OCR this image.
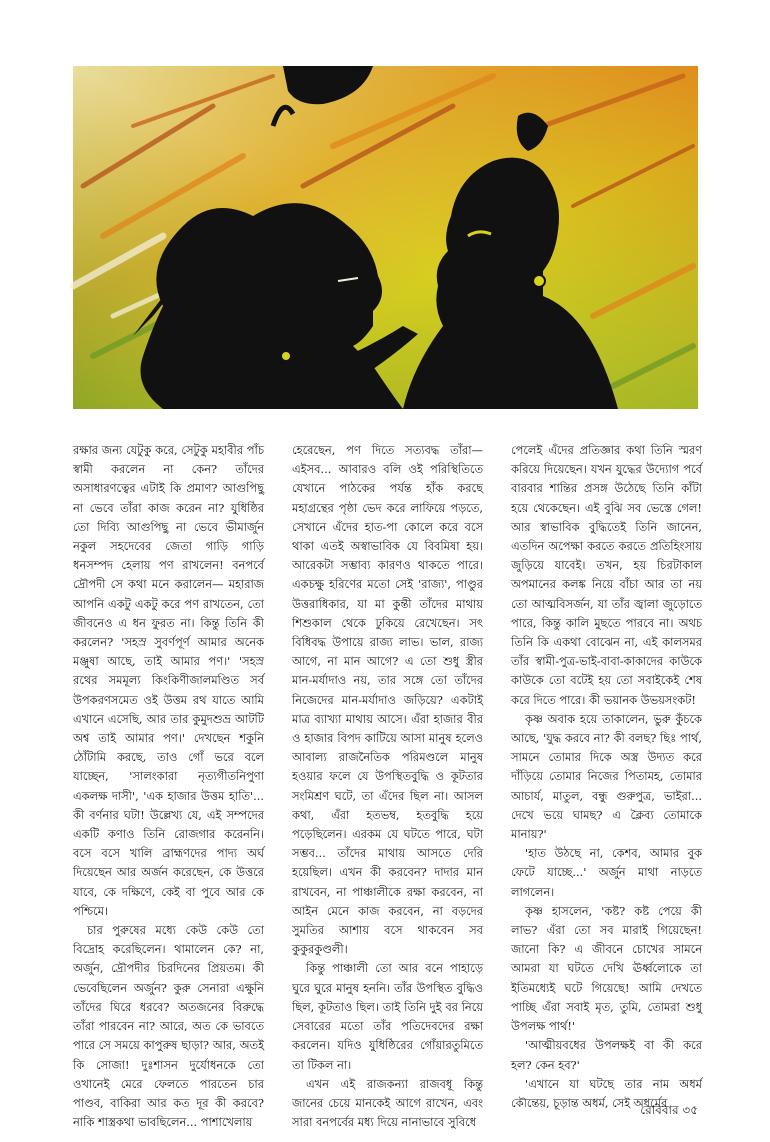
রক্ষার জন্য যেটুকু করে, সেটুকু মহাবীর পাঁচ স্বামী করলেন না কেন? তাঁদের অসাধারণত্বের এটাই কি প্রমাণ? আগুপিছু না ভেবে তাঁরা কাজ করেন না? যুধিষ্ঠির তো দিব্যি আগুপিছু না ভেবে ভীমার্জুন নকুল সহদেবের জেতা গাড়ি গাড়ি ধনসম্পদ হেলায় পণ রাখলেন! বনপর্বে দ্রৌপদী সে কথা মনে করালেন— মহারাজ আপনি একটু একটু করে পণ রাখতেন, তো জীবনেও এ ধন ফুরত না। কিন্তু তিনি কী করলেন? 'সহস্র সুবর্ণপূর্ণ আমার অনেক মঞ্জুষা আছে, তাই আমার পণ।' 'সহস্র রথের সমমূল্য কিংকিণীজালমণ্ডিত সর্ব উপকরণসমেত ওই উত্তম রথ যাতে আমি এখানে এসেছি, আর তার কুমুদশুভ্র আটটি অশ্ব তাই আমার পণ।' দেখছেন শকুনি ঠোঁটামি করছে, তাও গোঁ ভরে বলে যাচ্ছেন, 'সালংকারা নৃত্যগীতনিপুণা একলক্ষ দাসী', 'এক হাজার উত্তম হাতি'... কী বর্ণনার ঘটা! উল্লেখ্য যে, এই সম্পদের একটি কণাও তিনি রোজগার করেননি। বসে বসে খালি ব্রাহ্মণদের পাদ্য অর্ঘ দিয়েছেন আর অর্জন করেছেন, কে উত্তরে যাবে, কে দক্ষিণে, কেই বা পুবে আর কে পশ্চিমে।

চার পুরুষের মধ্যে কেউ কেউ তো বিদ্রোহ করেছিলেন। থামালেন কে? না, অর্জুন, দ্রৌপদীর চিরদিনের প্রিয়তম। কী ভেবেছিলেন অর্জুন? কুরু সেনারা এক্ষুনি তাঁদের ঘিরে ধরবে? অতজনের বিরুদ্ধে তাঁরা পারবেন না? আরে, অত কে ভাবতে পারে সে সময়ে কাপুরুষ ছাড়া? আর, অতই কি সোজা! দুঃশাসন দুর্যোধনকে তো ওখানেই মেরে ফেলতে পারতেন চার পাণ্ডব, বাকিরা আর কত দূর কী করবে? নাকি শাস্ত্রকথা ভাবছিলেন... পাশাখেলায়

হেরেছেন, পণ দিতে সত্যবদ্ধ তাঁরা— এইসব... আবারও বলি ওই পরিস্থিতিতে যেখানে পাঠকের পর্যন্ত হাঁক করছে মহাগ্রন্থের পৃষ্ঠা ভেদ করে লাফিয়ে পড়তে, সেখানে এঁদের হাত-পা কোলে করে বসে থাকা এতই অস্বাভাবিক যে বিবমিষা হয়। আরেকটা সম্ভাব্য কারণও থাকতে পারে। একচক্ষু হরিণের মতো সেই 'রাজ্য', পাণ্ডুর উত্তরাধিকার, যা মা কুন্তী তাঁদের মাথায় শিশুকাল থেকে ঢুকিয়ে রেখেছেন। সৎ বিধিবদ্ধ উপায়ে রাজ্য লাভ। ভাল, রাজ্য আগে, না মান আগে? এ তো শুধু স্ত্রীর মান-মর্যাদাও নয়, তার সঙ্গে তো তাঁদের নিজেদের মান-মর্যাদাও জড়িয়ে? একটাই মাত্র ব্যাখ্যা মাথায় আসে। এঁরা হাজার বীর ও হাজার বিপদ কাটিয়ে আসা মানুষ হলেও আবাল্য রাজনৈতিক পরিমণ্ডলে মানুষ হওয়ার ফলে যে উপস্থিতবুদ্ধি ও কূটতার সংমিশ্রণ ঘটে, তা এঁদের ছিল না। আসল কথা, এঁরা হতভম্ব, হতবুদ্ধি হয়ে পড়েছিলেন। এরকম যে ঘটতে পারে, ঘটা সম্ভব... তাঁদের মাথায় আসতে দেরি হয়েছিল। এখন কী করবেন? দাদার মান রাখবেন, না পাঞ্চালীকে রক্ষা করবেন, না আইন মেনে কাজ করবেন, না বড়দের সুমতির আশায় বসে থাকবেন সব কুকুরকুণ্ডলী।

কিন্তু পাঞ্চালী তো আর বনে পাহাড়ে ঘুরে ঘুরে মানুষ হননি। তাঁর উপস্থিত বুদ্ধিও ছিল, কূটতাও ছিল। তাই তিনি দুই বর নিয়ে সেবারের মতো তাঁর পতিদেবদের রক্ষা করলেন। যদিও যুধিষ্ঠিরের গোঁয়ারতুমিতে তা টিকল না।

এখন এই রাজকন্যা রাজবধূ কিন্তু জানের চেয়ে মানকেই আগে রাখেন, এবং সারা বনপর্বের মধ্য দিয়ে নানাভাবে সুবিধে

পেলেই এঁদের প্রতিজ্ঞার কথা তিনি স্মরণ করিয়ে দিয়েছেন। যখন যুদ্ধের উদ্যোগ পর্বে বারবার শান্তির প্রসঙ্গ উঠেছে তিনি কাঁটা হয়ে থেকেছেন। এই বুঝি সব ভেস্তে গেল! আর স্বাভাবিক বুদ্ধিতেই তিনি জানেন, এতদিন অপেক্ষা করতে করতে প্রতিহিংসায় জুড়িয়ে যাবেই। তখন, হয় চিরটাকাল অপমানের কলঙ্ক নিয়ে বাঁচা আর তা নয় তো আত্মবিসর্জন, যা তাঁর জ্বালা জুড়োতে পারে, কিন্তু কালি মুছতে পারবে না। অথচ তিনি কি একথা বোঝেন না, এই কালসমর তাঁর স্বামী-পুত্র-ভাই-বাবা-কাকাদের কাউকে কাউকে তো বটেই হয় তো সবাইকেই শেষ করে দিতে পারে। কী ভয়ানক উভয়সংকট!

কৃষ্ণ অবাক হয়ে তাকালেন, ভুরু কুঁচকে আছে, 'যুদ্ধ করবে না? কী বলছ? ছিঃ পার্থ, সামনে তোমার দিকে অস্ত্র উদ্যত করে দাঁড়িয়ে তোমার নিজের পিতামহ, তোমার আচার্য, মাতুল, বন্ধু গুরুপুত্র, ভাইরা... দেখে ভয়ে ঘামছ? এ ক্লৈব্য তোমাকে মানায়?'

'হাত উঠছে না, কেশব, আমার বুক ফেটে যাচ্ছে...' অর্জুন মাথা নাড়তে লাগলেন।

কৃষ্ণ হাসলেন, 'কষ্ট? কষ্ট পেয়ে কী লাভ? এঁরা তো সব মারাই গিয়েছেন! জানো কি? এ জীবনে চোখের সামনে আমরা যা ঘটতে দেখি ঊর্ধ্বলোকে তা ইতিমধ্যেই ঘটে গিয়েছে! আমি দেখতে পাচ্ছি এঁরা সবাই মৃত, তুমি, তোমরা শুধু উপলক্ষ পার্থ!'

'আত্মীয়বধের উপলক্ষই বা কী করে হল? কেন হব?'

'এখানে যা ঘটছে তার নাম অধর্ম কৌন্তেয়, চূড়ান্ত অধর্ম, সেই অধর্মের

রোববার ৩৫
